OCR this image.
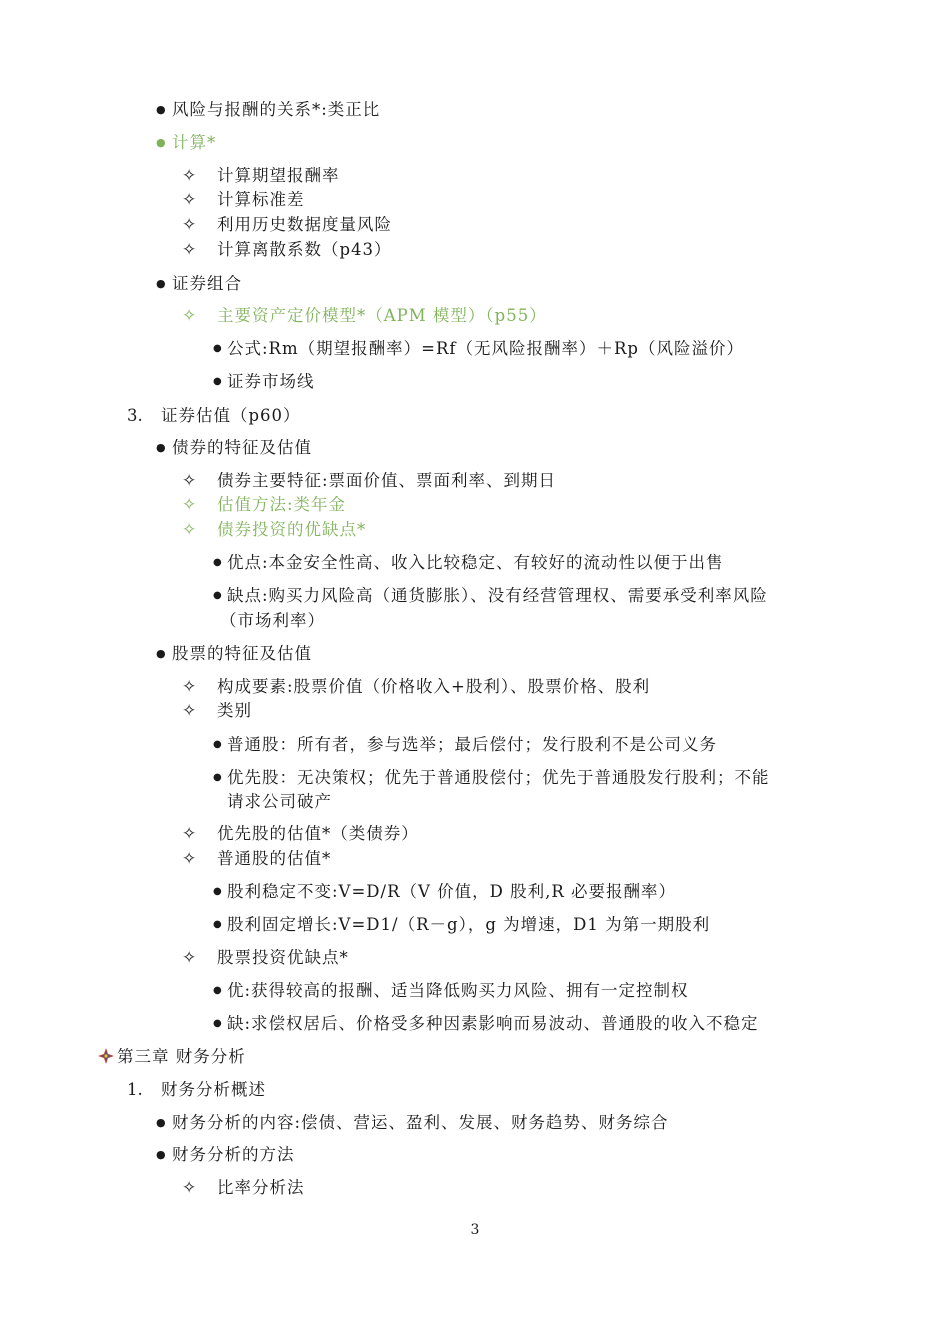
● 风险与报酬的关系*:类正比
● 计算*
✧ 计算期望报酬率
✧ 计算标准差
✧ 利用历史数据度量风险
✧ 计算离散系数（p43）
● 证券组合
✧ 主要资产定价模型*（APM 模型）（p55）
● 公式:Rm（期望报酬率）=Rf（无风险报酬率）＋Rp（风险溢价）
● 证券市场线
3. 证券估值（p60）
● 债券的特征及估值
✧ 债券主要特征:票面价值、票面利率、到期日
✧ 估值方法:类年金
✧ 债券投资的优缺点*
● 优点:本金安全性高、收入比较稳定、有较好的流动性以便于出售
● 缺点:购买力风险高（通货膨胀）、没有经营管理权、需要承受利率风险
（市场利率）
● 股票的特征及估值
✧ 构成要素:股票价值（价格收入+股利）、股票价格、股利
✧ 类别
● 普通股：所有者，参与选举；最后偿付；发行股利不是公司义务
● 优先股：无决策权；优先于普通股偿付；优先于普通股发行股利；不能
请求公司破产
✧ 优先股的估值*（类债券）
✧ 普通股的估值*
● 股利稳定不变:V=D/R（V 价值，D 股利,R 必要报酬率）
● 股利固定增长:V=D1/（R－g），g 为增速，D1 为第一期股利
✧ 股票投资优缺点*
● 优:获得较高的报酬、适当降低购买力风险、拥有一定控制权
● 缺:求偿权居后、价格受多种因素影响而易波动、普通股的收入不稳定
第三章 财务分析
1. 财务分析概述
● 财务分析的内容:偿债、营运、盈利、发展、财务趋势、财务综合
● 财务分析的方法
✧ 比率分析法
3
